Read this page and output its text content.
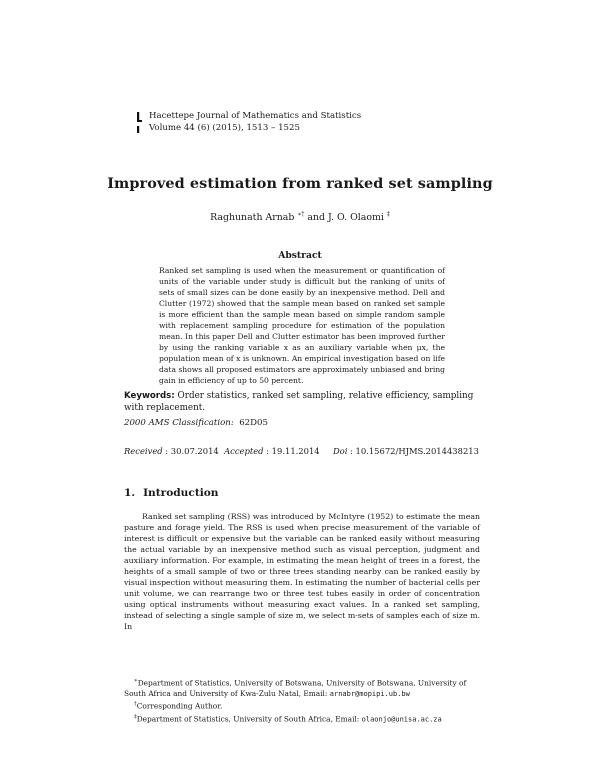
Hacettepe Journal of Mathematics and Statistics
Volume 44 (6) (2015), 1513 – 1525
Improved estimation from ranked set sampling
Raghunath Arnab ∗† and J. O. Olaomi ‡
Abstract
Ranked set sampling is used when the measurement or quantification of units of the variable under study is difficult but the ranking of units of sets of small sizes can be done easily by an inexpensive method. Dell and Clutter (1972) showed that the sample mean based on ranked set sample is more efficient than the sample mean based on simple random sample with replacement sampling procedure for estimation of the population mean. In this paper Dell and Clutter estimator has been improved further by using the ranking variable x as an auxiliary variable when μx, the population mean of x is unknown. An empirical investigation based on life data shows all proposed estimators are approximately unbiased and bring gain in efficiency of up to 50 percent.
Keywords: Order statistics, ranked set sampling, relative efficiency, sampling with replacement.
2000 AMS Classification: 62D05
Received : 30.07.2014 Accepted : 19.11.2014 Doi : 10.15672/HJMS.2014438213
1. Introduction

Ranked set sampling (RSS) was introduced by McIntyre (1952) to estimate the mean pasture and forage yield. The RSS is used when precise measurement of the variable of interest is difficult or expensive but the variable can be ranked easily without measuring the actual variable by an inexpensive method such as visual perception, judgment and auxiliary information. For example, in estimating the mean height of trees in a forest, the heights of a small sample of two or three trees standing nearby can be ranked easily by visual inspection without measuring them. In estimating the number of bacterial cells per unit volume, we can rearrange two or three test tubes easily in order of concentration using optical instruments without measuring exact values. In a ranked set sampling, instead of selecting a single sample of size m, we select m-sets of samples each of size m. In

∗Department of Statistics, University of Botswana, University of Botswana, University of South Africa and University of Kwa-Zulu Natal, Email: arnabr@mopipi.ub.bw
†Corresponding Author.
‡Department of Statistics, University of South Africa, Email: olaonjo@unisa.ac.za
